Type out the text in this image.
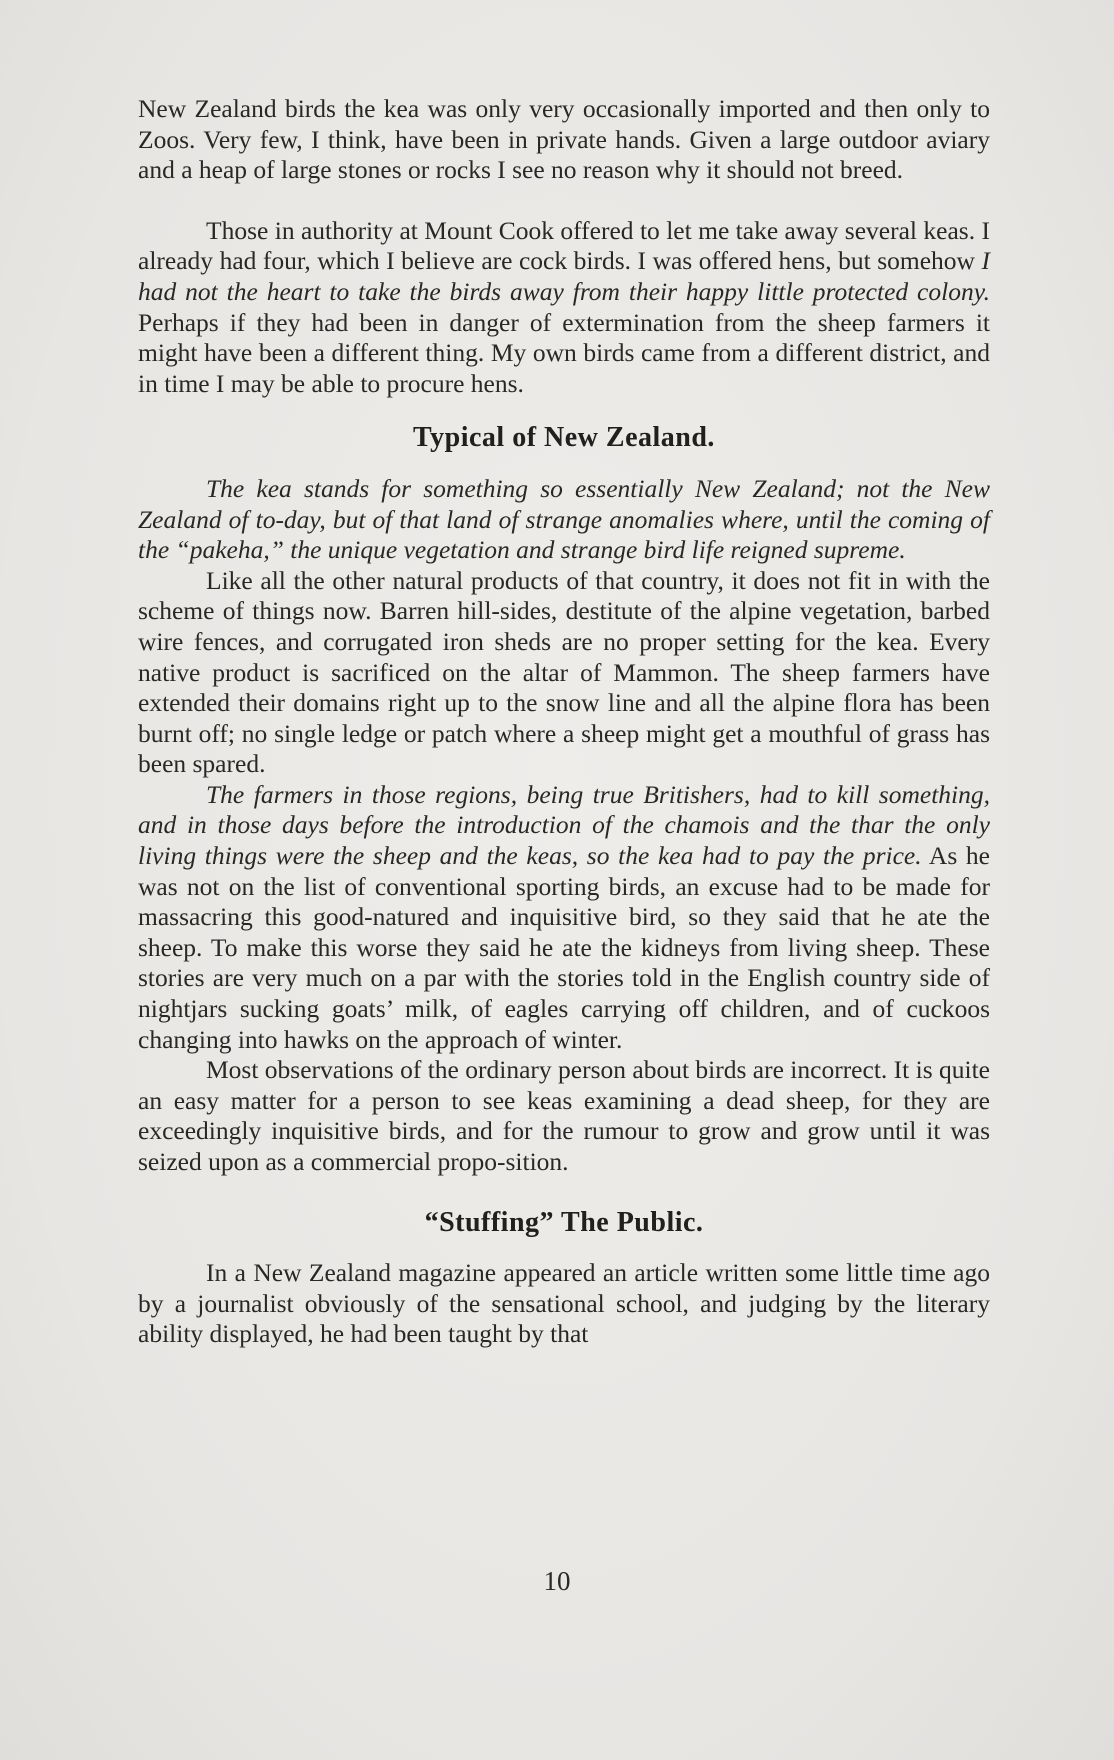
New Zealand birds the kea was only very occasionally imported and then only to Zoos. Very few, I think, have been in private hands. Given a large outdoor aviary and a heap of large stones or rocks I see no reason why it should not breed.

Those in authority at Mount Cook offered to let me take away several keas. I already had four, which I believe are cock birds. I was offered hens, but somehow I had not the heart to take the birds away from their happy little protected colony. Perhaps if they had been in danger of extermination from the sheep farmers it might have been a different thing. My own birds came from a different district, and in time I may be able to procure hens.

Typical of New Zealand.

The kea stands for something so essentially New Zealand; not the New Zealand of to-day, but of that land of strange anomalies where, until the coming of the “pakeha,” the unique vegetation and strange bird life reigned supreme.

Like all the other natural products of that country, it does not fit in with the scheme of things now. Barren hill-sides, destitute of the alpine vegetation, barbed wire fences, and corrugated iron sheds are no proper setting for the kea. Every native product is sacrificed on the altar of Mammon. The sheep farmers have extended their domains right up to the snow line and all the alpine flora has been burnt off; no single ledge or patch where a sheep might get a mouthful of grass has been spared.

The farmers in those regions, being true Britishers, had to kill something, and in those days before the introduction of the chamois and the thar the only living things were the sheep and the keas, so the kea had to pay the price. As he was not on the list of conventional sporting birds, an excuse had to be made for massacring this good-natured and inquisitive bird, so they said that he ate the sheep. To make this worse they said he ate the kidneys from living sheep. These stories are very much on a par with the stories told in the English country side of nightjars sucking goats’ milk, of eagles carrying off children, and of cuckoos changing into hawks on the approach of winter.

Most observations of the ordinary person about birds are incorrect. It is quite an easy matter for a person to see keas examining a dead sheep, for they are exceedingly inquisitive birds, and for the rumour to grow and grow until it was seized upon as a commercial propo-sition.

“Stuffing” The Public.

In a New Zealand magazine appeared an article written some little time ago by a journalist obviously of the sensational school, and judging by the literary ability displayed, he had been taught by that

10
